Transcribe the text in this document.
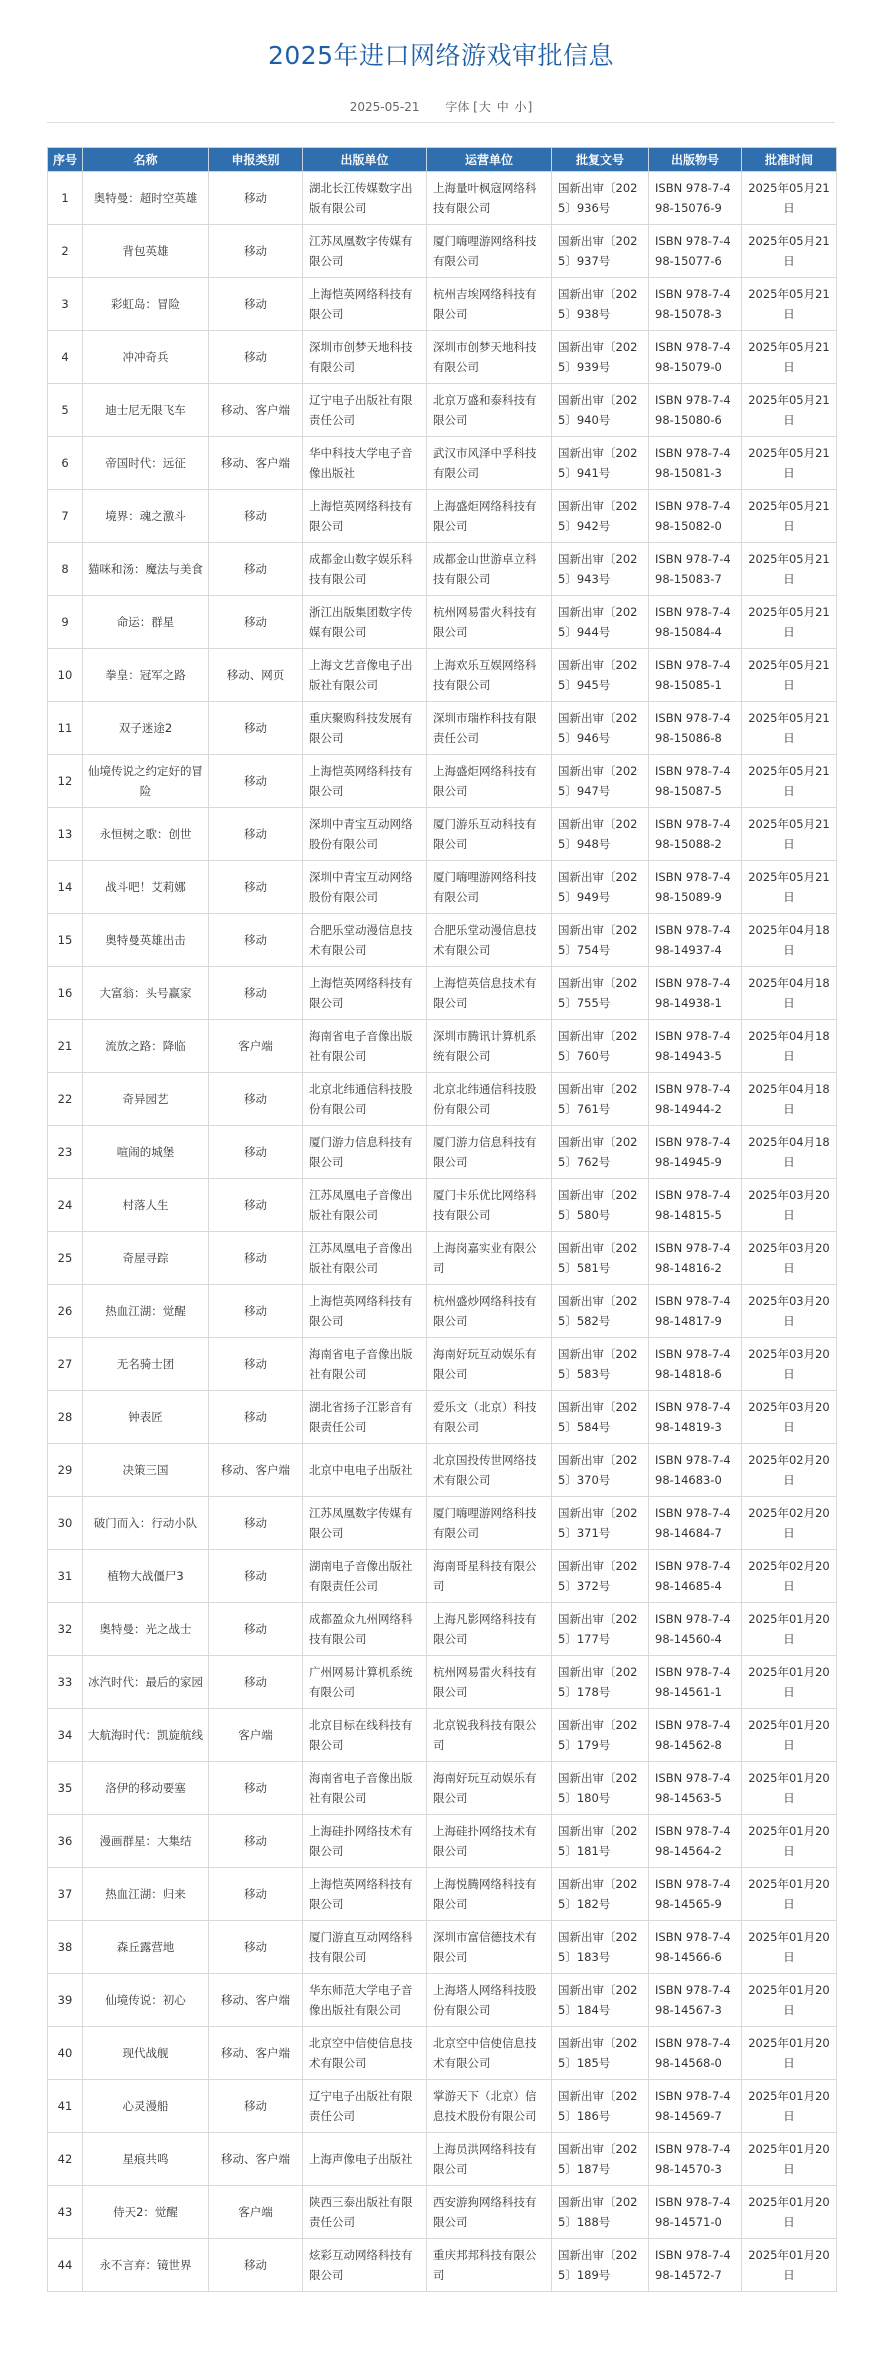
2025年进口网络游戏审批信息
2025-05-21 字体 [大 中 小]
序号	名称	申报类别	出版单位	运营单位	批复文号	出版物号	批准时间
1	奥特曼：超时空英雄	移动	湖北长江传媒数字出版有限公司	上海量叶枫寇网络科技有限公司	国新出审〔2025〕936号	ISBN 978-7-498-15076-9	2025年05月21日
2	背包英雄	移动	江苏凤凰数字传媒有限公司	厦门嗨哩游网络科技有限公司	国新出审〔2025〕937号	ISBN 978-7-498-15077-6	2025年05月21日
3	彩虹岛：冒险	移动	上海恺英网络科技有限公司	杭州吉埃网络科技有限公司	国新出审〔2025〕938号	ISBN 978-7-498-15078-3	2025年05月21日
4	冲冲奇兵	移动	深圳市创梦天地科技有限公司	深圳市创梦天地科技有限公司	国新出审〔2025〕939号	ISBN 978-7-498-15079-0	2025年05月21日
5	迪士尼无限飞车	移动、客户端	辽宁电子出版社有限责任公司	北京万盛和泰科技有限公司	国新出审〔2025〕940号	ISBN 978-7-498-15080-6	2025年05月21日
6	帝国时代：远征	移动、客户端	华中科技大学电子音像出版社	武汉市风泽中孚科技有限公司	国新出审〔2025〕941号	ISBN 978-7-498-15081-3	2025年05月21日
7	境界：魂之激斗	移动	上海恺英网络科技有限公司	上海盛炬网络科技有限公司	国新出审〔2025〕942号	ISBN 978-7-498-15082-0	2025年05月21日
8	猫咪和汤：魔法与美食	移动	成都金山数字娱乐科技有限公司	成都金山世游卓立科技有限公司	国新出审〔2025〕943号	ISBN 978-7-498-15083-7	2025年05月21日
9	命运：群星	移动	浙江出版集团数字传媒有限公司	杭州网易雷火科技有限公司	国新出审〔2025〕944号	ISBN 978-7-498-15084-4	2025年05月21日
10	拳皇：冠军之路	移动、网页	上海文艺音像电子出版社有限公司	上海欢乐互娱网络科技有限公司	国新出审〔2025〕945号	ISBN 978-7-498-15085-1	2025年05月21日
11	双子迷途2	移动	重庆聚购科技发展有限公司	深圳市瑞柞科技有限责任公司	国新出审〔2025〕946号	ISBN 978-7-498-15086-8	2025年05月21日
12	仙境传说之约定好的冒险	移动	上海恺英网络科技有限公司	上海盛炬网络科技有限公司	国新出审〔2025〕947号	ISBN 978-7-498-15087-5	2025年05月21日
13	永恒树之歌：创世	移动	深圳中青宝互动网络股份有限公司	厦门游乐互动科技有限公司	国新出审〔2025〕948号	ISBN 978-7-498-15088-2	2025年05月21日
14	战斗吧！艾莉娜	移动	深圳中青宝互动网络股份有限公司	厦门嗨哩游网络科技有限公司	国新出审〔2025〕949号	ISBN 978-7-498-15089-9	2025年05月21日
15	奥特曼英雄出击	移动	合肥乐堂动漫信息技术有限公司	合肥乐堂动漫信息技术有限公司	国新出审〔2025〕754号	ISBN 978-7-498-14937-4	2025年04月18日
16	大富翁：头号赢家	移动	上海恺英网络科技有限公司	上海恺英信息技术有限公司	国新出审〔2025〕755号	ISBN 978-7-498-14938-1	2025年04月18日
21	流放之路：降临	客户端	海南省电子音像出版社有限公司	深圳市腾讯计算机系统有限公司	国新出审〔2025〕760号	ISBN 978-7-498-14943-5	2025年04月18日
22	奇异园艺	移动	北京北纬通信科技股份有限公司	北京北纬通信科技股份有限公司	国新出审〔2025〕761号	ISBN 978-7-498-14944-2	2025年04月18日
23	喧闹的城堡	移动	厦门游力信息科技有限公司	厦门游力信息科技有限公司	国新出审〔2025〕762号	ISBN 978-7-498-14945-9	2025年04月18日
24	村落人生	移动	江苏凤凰电子音像出版社有限公司	厦门卡乐优比网络科技有限公司	国新出审〔2025〕580号	ISBN 978-7-498-14815-5	2025年03月20日
25	奇屋寻踪	移动	江苏凤凰电子音像出版社有限公司	上海岗嘉实业有限公司	国新出审〔2025〕581号	ISBN 978-7-498-14816-2	2025年03月20日
26	热血江湖：觉醒	移动	上海恺英网络科技有限公司	杭州盛炒网络科技有限公司	国新出审〔2025〕582号	ISBN 978-7-498-14817-9	2025年03月20日
27	无名骑士团	移动	海南省电子音像出版社有限公司	海南好玩互动娱乐有限公司	国新出审〔2025〕583号	ISBN 978-7-498-14818-6	2025年03月20日
28	钟表匠	移动	湖北省扬子江影音有限责任公司	爱乐文（北京）科技有限公司	国新出审〔2025〕584号	ISBN 978-7-498-14819-3	2025年03月20日
29	决策三国	移动、客户端	北京中电电子出版社	北京国投传世网络技术有限公司	国新出审〔2025〕370号	ISBN 978-7-498-14683-0	2025年02月20日
30	破门而入：行动小队	移动	江苏凤凰数字传媒有限公司	厦门嗨哩游网络科技有限公司	国新出审〔2025〕371号	ISBN 978-7-498-14684-7	2025年02月20日
31	植物大战僵尸3	移动	湖南电子音像出版社有限责任公司	海南哥星科技有限公司	国新出审〔2025〕372号	ISBN 978-7-498-14685-4	2025年02月20日
32	奥特曼：光之战士	移动	成都盈众九州网络科技有限公司	上海凡影网络科技有限公司	国新出审〔2025〕177号	ISBN 978-7-498-14560-4	2025年01月20日
33	冰汽时代：最后的家园	移动	广州网易计算机系统有限公司	杭州网易雷火科技有限公司	国新出审〔2025〕178号	ISBN 978-7-498-14561-1	2025年01月20日
34	大航海时代：凯旋航线	客户端	北京目标在线科技有限公司	北京锐我科技有限公司	国新出审〔2025〕179号	ISBN 978-7-498-14562-8	2025年01月20日
35	洛伊的移动要塞	移动	海南省电子音像出版社有限公司	海南好玩互动娱乐有限公司	国新出审〔2025〕180号	ISBN 978-7-498-14563-5	2025年01月20日
36	漫画群星：大集结	移动	上海硅扑网络技术有限公司	上海硅扑网络技术有限公司	国新出审〔2025〕181号	ISBN 978-7-498-14564-2	2025年01月20日
37	热血江湖：归来	移动	上海恺英网络科技有限公司	上海悦腾网络科技有限公司	国新出审〔2025〕182号	ISBN 978-7-498-14565-9	2025年01月20日
38	森丘露营地	移动	厦门游直互动网络科技有限公司	深圳市富信德技术有限公司	国新出审〔2025〕183号	ISBN 978-7-498-14566-6	2025年01月20日
39	仙境传说：初心	移动、客户端	华东师范大学电子音像出版社有限公司	上海塔人网络科技股份有限公司	国新出审〔2025〕184号	ISBN 978-7-498-14567-3	2025年01月20日
40	现代战舰	移动、客户端	北京空中信使信息技术有限公司	北京空中信使信息技术有限公司	国新出审〔2025〕185号	ISBN 978-7-498-14568-0	2025年01月20日
41	心灵漫船	移动	辽宁电子出版社有限责任公司	掌游天下（北京）信息技术股份有限公司	国新出审〔2025〕186号	ISBN 978-7-498-14569-7	2025年01月20日
42	星痕共鸣	移动、客户端	上海声像电子出版社	上海员洪网络科技有限公司	国新出审〔2025〕187号	ISBN 978-7-498-14570-3	2025年01月20日
43	侍天2：觉醒	客户端	陕西三泰出版社有限责任公司	西安游狗网络科技有限公司	国新出审〔2025〕188号	ISBN 978-7-498-14571-0	2025年01月20日
44	永不言弃：镜世界	移动	炫彩互动网络科技有限公司	重庆邦邦科技有限公司	国新出审〔2025〕189号	ISBN 978-7-498-14572-7	2025年01月20日
